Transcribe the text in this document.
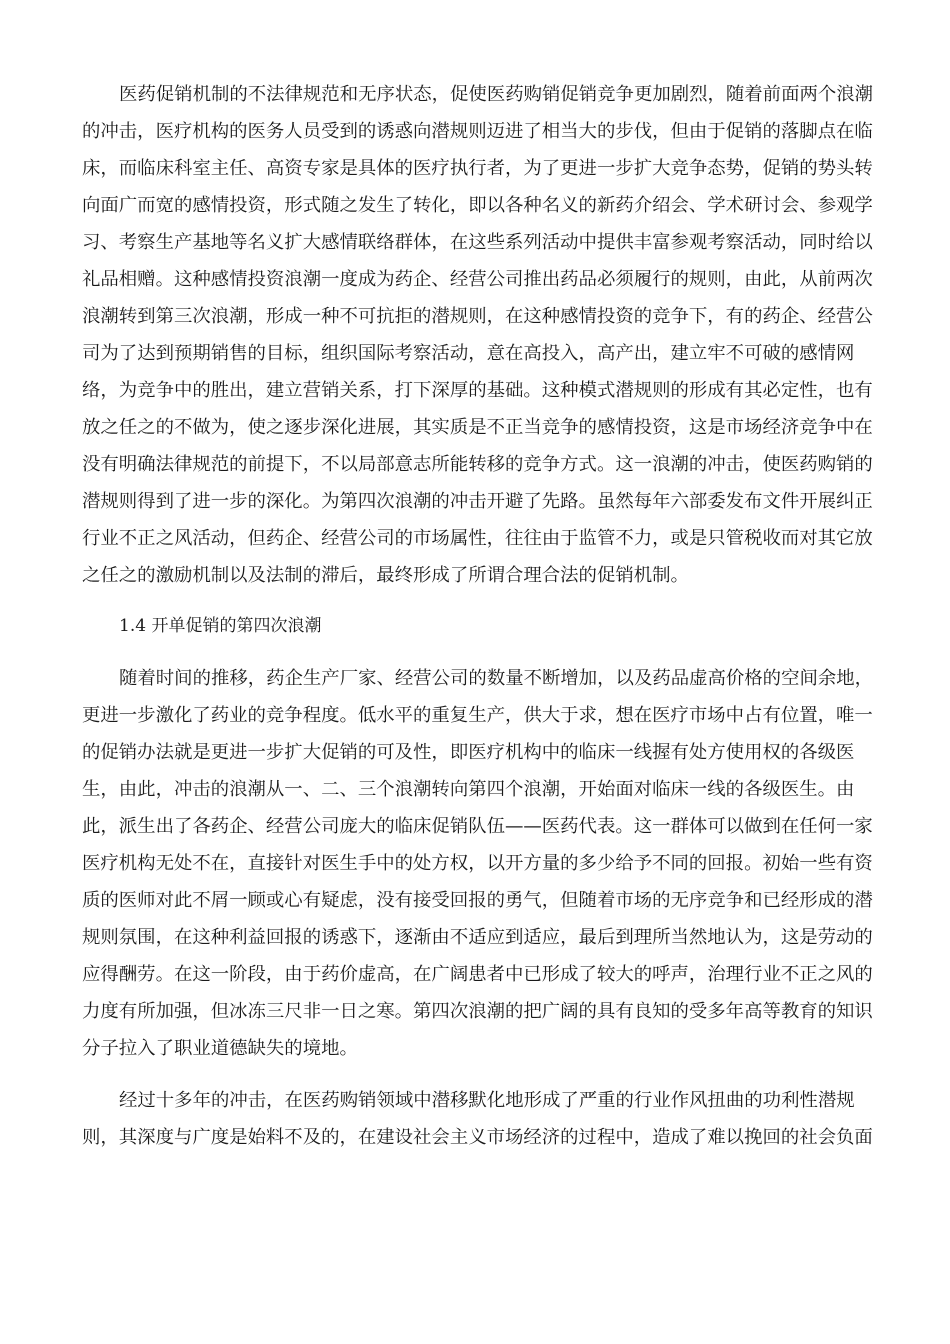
医药促销机制的不法律规范和无序状态，促使医药购销促销竞争更加剧烈，随着前面两个浪潮
的冲击，医疗机构的医务人员受到的诱惑向潜规则迈进了相当大的步伐，但由于促销的落脚点在临
床，而临床科室主任、高资专家是具体的医疗执行者，为了更进一步扩大竞争态势，促销的势头转
向面广而宽的感情投资，形式随之发生了转化，即以各种名义的新药介绍会、学术研讨会、参观学
习、考察生产基地等名义扩大感情联络群体，在这些系列活动中提供丰富参观考察活动，同时给以
礼品相赠。这种感情投资浪潮一度成为药企、经营公司推出药品必须履行的规则，由此，从前两次
浪潮转到第三次浪潮，形成一种不可抗拒的潜规则，在这种感情投资的竞争下，有的药企、经营公
司为了达到预期销售的目标，组织国际考察活动，意在高投入，高产出，建立牢不可破的感情网
络，为竞争中的胜出，建立营销关系，打下深厚的基础。这种模式潜规则的形成有其必定性，也有
放之任之的不做为，使之逐步深化进展，其实质是不正当竞争的感情投资，这是市场经济竞争中在
没有明确法律规范的前提下，不以局部意志所能转移的竞争方式。这一浪潮的冲击，使医药购销的
潜规则得到了进一步的深化。为第四次浪潮的冲击开避了先路。虽然每年六部委发布文件开展纠正
行业不正之风活动，但药企、经营公司的市场属性，往往由于监管不力，或是只管税收而对其它放
之任之的激励机制以及法制的滞后，最终形成了所谓合理合法的促销机制。
1.4 开单促销的第四次浪潮
随着时间的推移，药企生产厂家、经营公司的数量不断增加，以及药品虚高价格的空间余地，
更进一步激化了药业的竞争程度。低水平的重复生产，供大于求，想在医疗市场中占有位置，唯一
的促销办法就是更进一步扩大促销的可及性，即医疗机构中的临床一线握有处方使用权的各级医
生，由此，冲击的浪潮从一、二、三个浪潮转向第四个浪潮，开始面对临床一线的各级医生。由
此，派生出了各药企、经营公司庞大的临床促销队伍——医药代表。这一群体可以做到在任何一家
医疗机构无处不在，直接针对医生手中的处方权，以开方量的多少给予不同的回报。初始一些有资
质的医师对此不屑一顾或心有疑虑，没有接受回报的勇气，但随着市场的无序竞争和已经形成的潜
规则氛围，在这种利益回报的诱惑下，逐渐由不适应到适应，最后到理所当然地认为，这是劳动的
应得酬劳。在这一阶段，由于药价虚高，在广阔患者中已形成了较大的呼声，治理行业不正之风的
力度有所加强，但冰冻三尺非一日之寒。第四次浪潮的把广阔的具有良知的受多年高等教育的知识
分子拉入了职业道德缺失的境地。
经过十多年的冲击，在医药购销领域中潜移默化地形成了严重的行业作风扭曲的功利性潜规
则，其深度与广度是始料不及的，在建设社会主义市场经济的过程中，造成了难以挽回的社会负面
